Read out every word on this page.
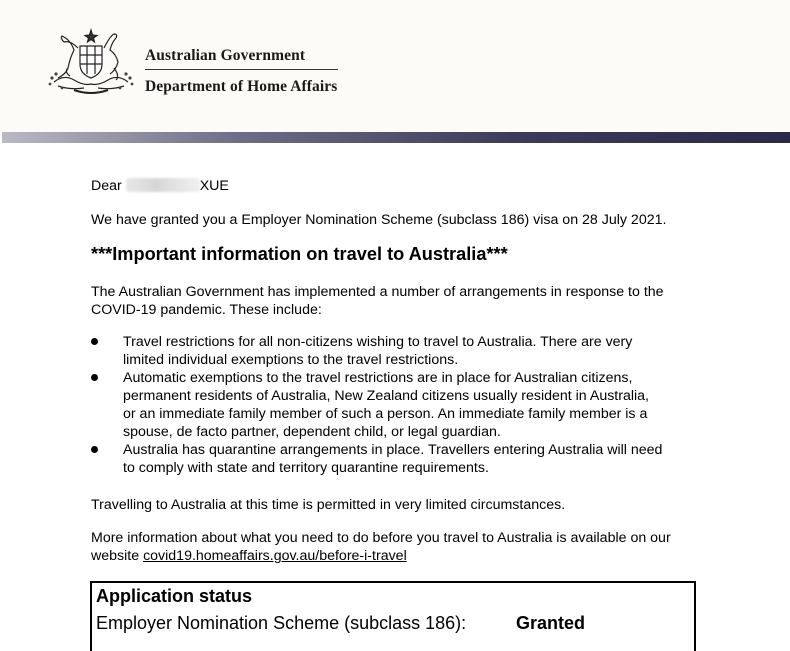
Australian Government
Department of Home Affairs

Dear	XUE

We have granted you a Employer Nomination Scheme (subclass 186) visa on 28 July 2021.

***Important information on travel to Australia***

The Australian Government has implemented a number of arrangements in response to the

COVID-19 pandemic. These include:

Travel restrictions for all non-citizens wishing to travel to Australia. There are very
limited individual exemptions to the travel restrictions.
Automatic exemptions to the travel restrictions are in place for Australian citizens,
permanent residents of Australia, New Zealand citizens usually resident in Australia,
or an immediate family member of such a person. An immediate family member is a
spouse, de facto partner, dependent child, or legal guardian.
Australia has quarantine arrangements in place. Travellers entering Australia will need
to comply with state and territory quarantine requirements.

Travelling to Australia at this time is permitted in very limited circumstances.

More information about what you need to do before you travel to Australia is available on our

website covid19.homeaffairs.gov.au/before-i-travel

Application status
Employer Nomination Scheme (subclass 186):	Granted
